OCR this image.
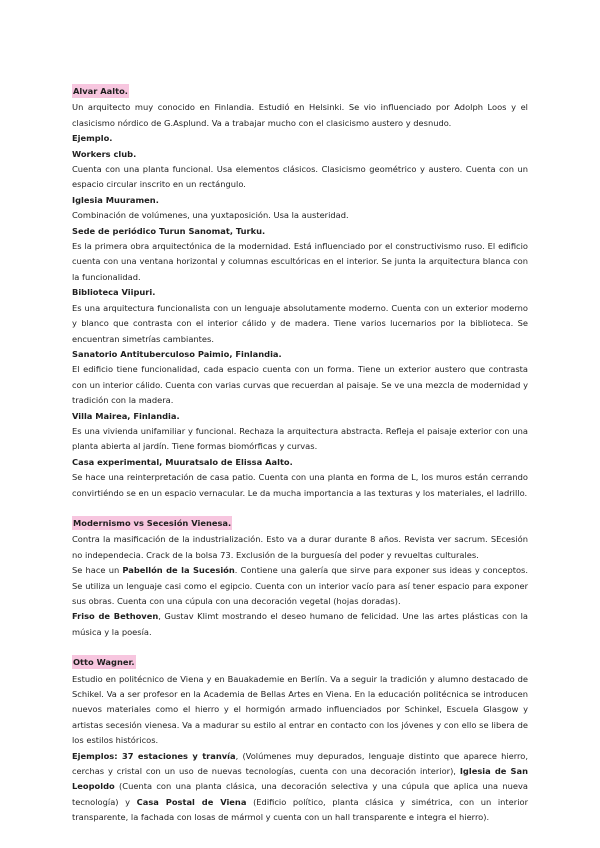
Alvar Aalto.

Un arquitecto muy conocido en Finlandia. Estudió en Helsinki. Se vio influenciado por Adolph Loos y el clasicismo nórdico de G.Asplund. Va a trabajar mucho con el clasicismo austero y desnudo.

Ejemplo.
Workers club.

Cuenta con una planta funcional. Usa elementos clásicos. Clasicismo geométrico y austero. Cuenta con un espacio circular inscrito en un rectángulo.

Iglesia Muuramen.

Combinación de volúmenes, una yuxtaposición. Usa la austeridad.

Sede de periódico Turun Sanomat, Turku.

Es la primera obra arquitectónica de la modernidad. Está influenciado por el constructivismo ruso. El edificio cuenta con una ventana horizontal y columnas escultóricas en el interior. Se junta la arquitectura blanca con la funcionalidad.

Biblioteca Viipuri.

Es una arquitectura funcionalista con un lenguaje absolutamente moderno. Cuenta con un exterior moderno y blanco que contrasta con el interior cálido y de madera. Tiene varios lucernarios por la biblioteca. Se encuentran simetrías cambiantes.

Sanatorio Antituberculoso Paimio, Finlandia.

El edificio tiene funcionalidad, cada espacio cuenta con un forma. Tiene un exterior austero que contrasta con un interior cálido. Cuenta con varias curvas que recuerdan al paisaje. Se ve una mezcla de modernidad y tradición con la madera.

Villa Mairea, Finlandia.

Es una vivienda unifamiliar y funcional. Rechaza la arquitectura abstracta. Refleja el paisaje exterior con una planta abierta al jardín. Tiene formas biomórficas y curvas.

Casa experimental, Muuratsalo de Elissa Aalto.

Se hace una reinterpretación de casa patio. Cuenta con una planta en forma de L, los muros están cerrando convirtiéndo se en un espacio vernacular. Le da mucha importancia a las texturas y los materiales, el ladrillo.

Modernismo vs Secesión Vienesa.

Contra la masificación de la industrialización. Esto va a durar durante 8 años. Revista ver sacrum. SEcesión no independecia. Crack de la bolsa 73. Exclusión de la burguesía del poder y revueltas culturales.

Se hace un Pabellón de la Sucesión. Contiene una galería que sirve para exponer sus ideas y conceptos. Se utiliza un lenguaje casi como el egipcio. Cuenta con un interior vacío para así tener espacio para exponer sus obras. Cuenta con una cúpula con una decoración vegetal (hojas doradas).

Friso de Bethoven, Gustav Klimt mostrando el deseo humano de felicidad. Une las artes plásticas con la música y la poesía.

Otto Wagner.

Estudio en politécnico de Viena y en Bauakademie en Berlín. Va a seguir la tradición y alumno destacado de Schikel. Va a ser profesor en la Academia de Bellas Artes en Viena. En la educación politécnica se introducen nuevos materiales como el hierro y el hormigón armado influenciados por Schinkel, Escuela Glasgow y artistas secesión vienesa. Va a madurar su estilo al entrar en contacto con los jóvenes y con ello se libera de los estilos históricos.

Ejemplos: 37 estaciones y tranvía, (Volúmenes muy depurados, lenguaje distinto que aparece hierro, cerchas y cristal con un uso de nuevas tecnologías, cuenta con una decoración interior), Iglesia de San Leopoldo (Cuenta con una planta clásica, una decoración selectiva y una cúpula que aplica una nueva tecnología) y Casa Postal de Viena (Edificio político, planta clásica y simétrica, con un interior transparente, la fachada con losas de mármol y cuenta con un hall transparente e integra el hierro).
